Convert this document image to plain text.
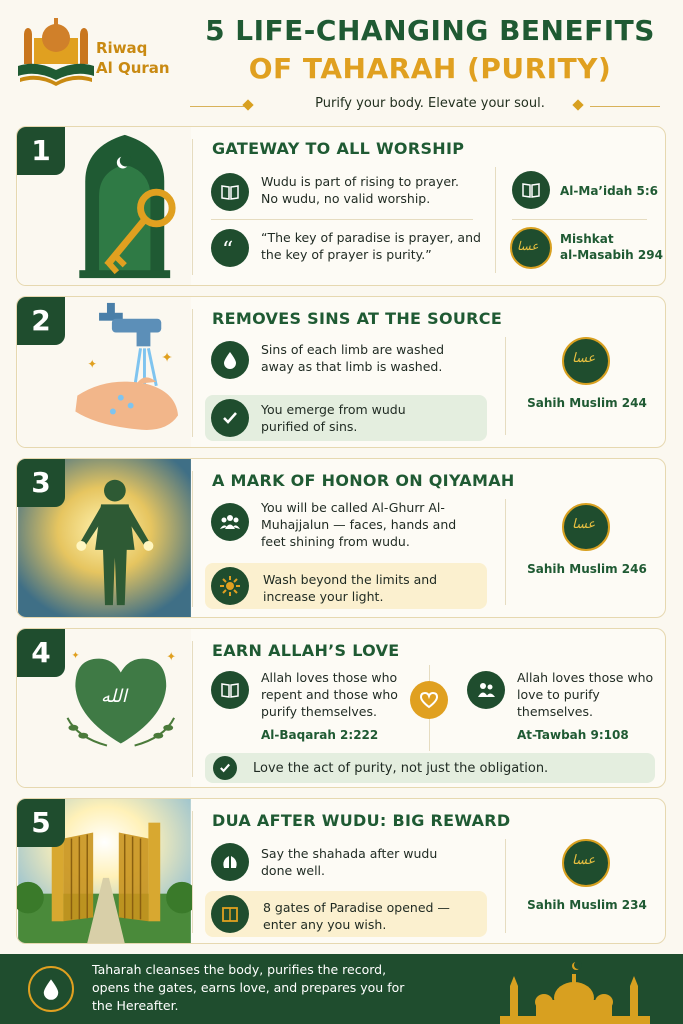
Riwaq
Al Quran
5 LIFE-CHANGING BENEFITS
OF TAHARAH (PURITY)
Purify your body. Elevate your soul.
1	GATEWAY TO ALL WORSHIP
Wudu is part of rising to prayer. No wudu, no valid worship.
“
“The key of paradise is prayer, and the key of prayer is purity.”
Al-Ma’idah 5:6
عسا Mishkat
al-Masabih 294
2
✦
✦
REMOVES SINS AT THE SOURCE
Sins of each limb are washed away as that limb is washed.
You emerge from wudu purified of sins.
عسا
Sahih Muslim 244
3	A MARK OF HONOR ON QIYAMAH
You will be called Al-Ghurr Al-Muhajjalun — faces, hands and feet shining from wudu.
Wash beyond the limits and increase your light.
عسا
Sahih Muslim 246
4
الله
✦
✦	EARN ALLAH’S LOVE
Allah loves those who repent and those who purify themselves.
Al-Baqarah 2:222
Allah loves those who love to purify themselves.
At-Tawbah 9:108
Love the act of purity, not just the obligation.
5	DUA AFTER WUDU: BIG REWARD
Say the shahada after wudu done well.
8 gates of Paradise opened — enter any you wish.
عسا
Sahih Muslim 234
Taharah cleanses the body, purifies the record, opens the gates, earns love, and prepares you for the Hereafter.
